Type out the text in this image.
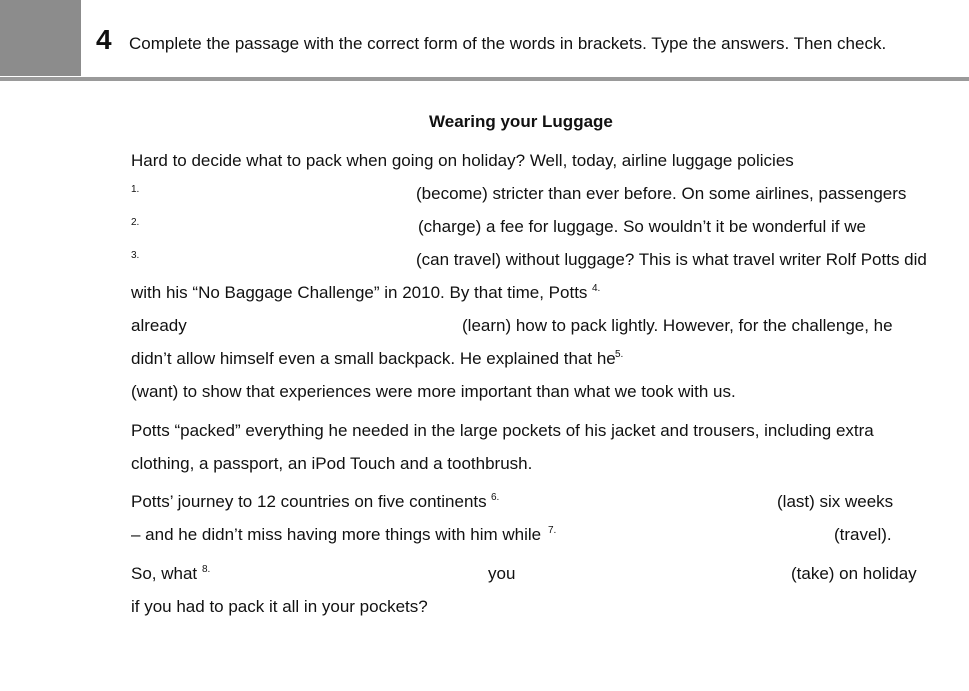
4 Complete the passage with the correct form of the words in brackets. Type the answers. Then check.
Wearing your Luggage
Hard to decide what to pack when going on holiday? Well, today, airline luggage policies
1.	(become) stricter than ever before. On some airlines, passengers
2.	(charge) a fee for luggage. So wouldn’t it be wonderful if we
3.	(can travel) without luggage? This is what travel writer Rolf Potts did
with his “No Baggage Challenge” in 2010. By that time, Potts 4.
already	(learn) how to pack lightly. However, for the challenge, he
didn’t allow himself even a small backpack. He explained that he 5.
(want) to show that experiences were more important than what we took with us.
Potts “packed” everything he needed in the large pockets of his jacket and trousers, including extra
clothing, a passport, an iPod Touch and a toothbrush.
Potts’ journey to 12 countries on five continents 6.	(last) six weeks
– and he didn’t miss having more things with him while 7.	(travel).
So, what 8.	you	(take) on holiday
if you had to pack it all in your pockets?
